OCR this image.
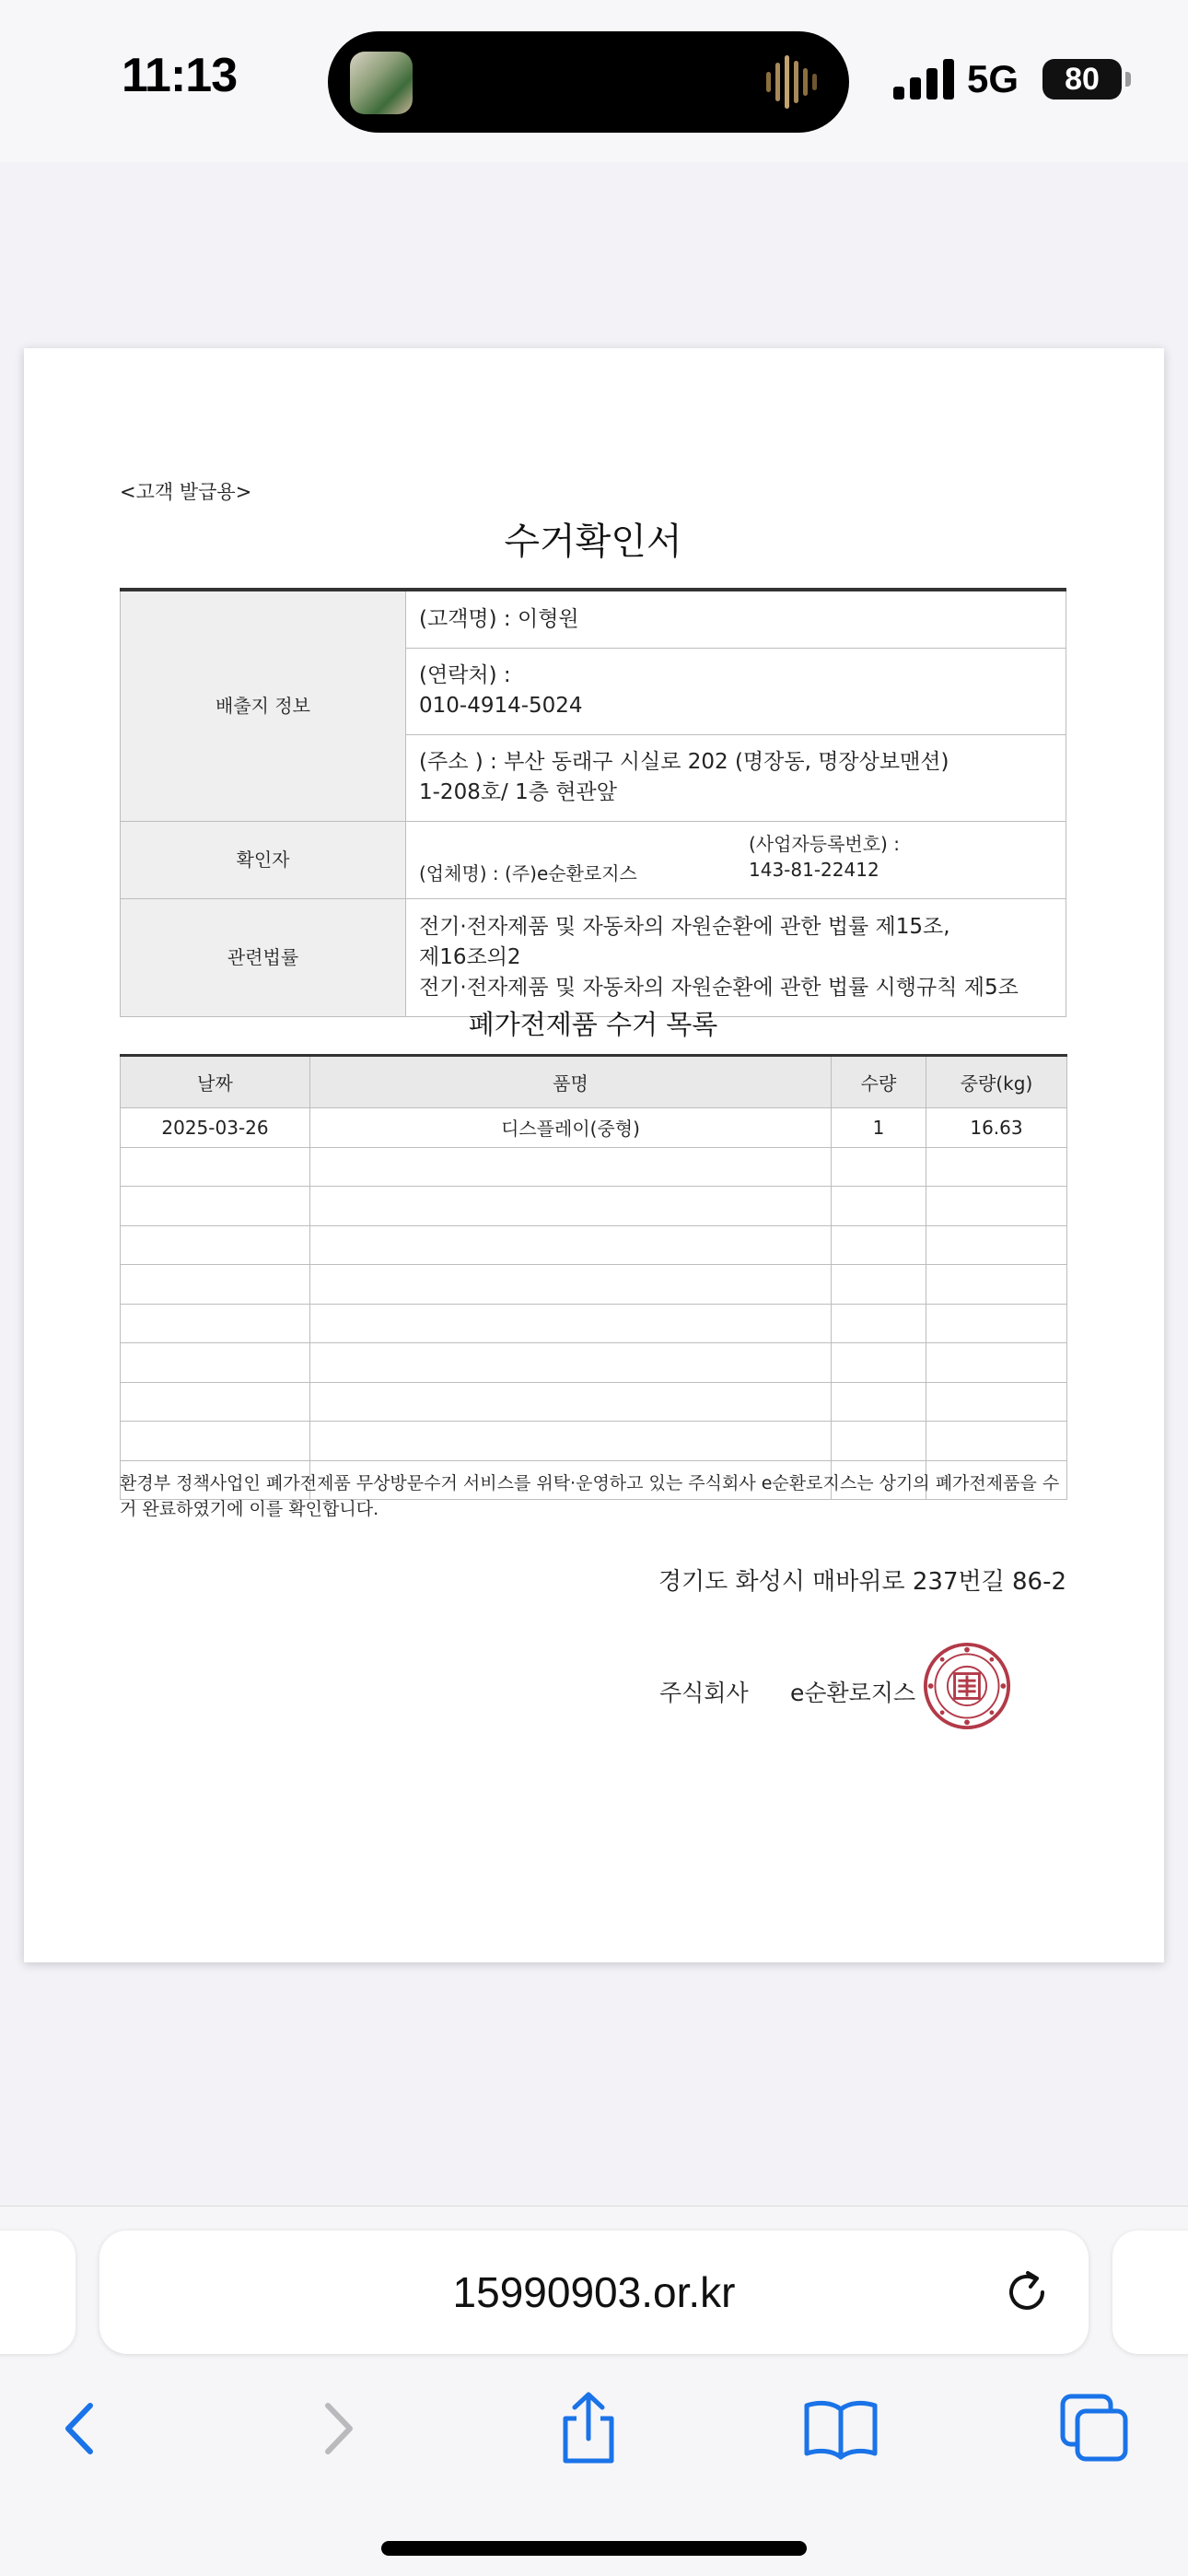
11:13	5G	80
<고객 발급용>
수거확인서
배출지 정보	(고객명) : 이형원

	(연락처) :
010-4914-5024

	(주소 ) : 부산 동래구 시실로 202 (명장동, 명장상보맨션)
1-208호/ 1층 현관앞

확인자	(업체명) : (주)e순환로지스
(사업자등록번호) :
143-81-22412

관련법률	전기·전자제품 및 자동차의 자원순환에 관한 법률 제15조,
제16조의2
전기·전자제품 및 자동차의 자원순환에 관한 법률 시행규칙 제5조
폐가전제품 수거 목록
날짜	품명	수량	중량(kg)
2025-03-26	디스플레이(중형)	1	16.63

환경부 정책사업인 폐가전제품 무상방문수거 서비스를 위탁·운영하고 있는 주식회사 e순환로지스는 상기의 폐가전제품을 수거 완료하였기에 이를 확인합니다.
경기도 화성시 매바위로 237번길 86-2
주식회사 e순환로지스
15990903.or.kr
